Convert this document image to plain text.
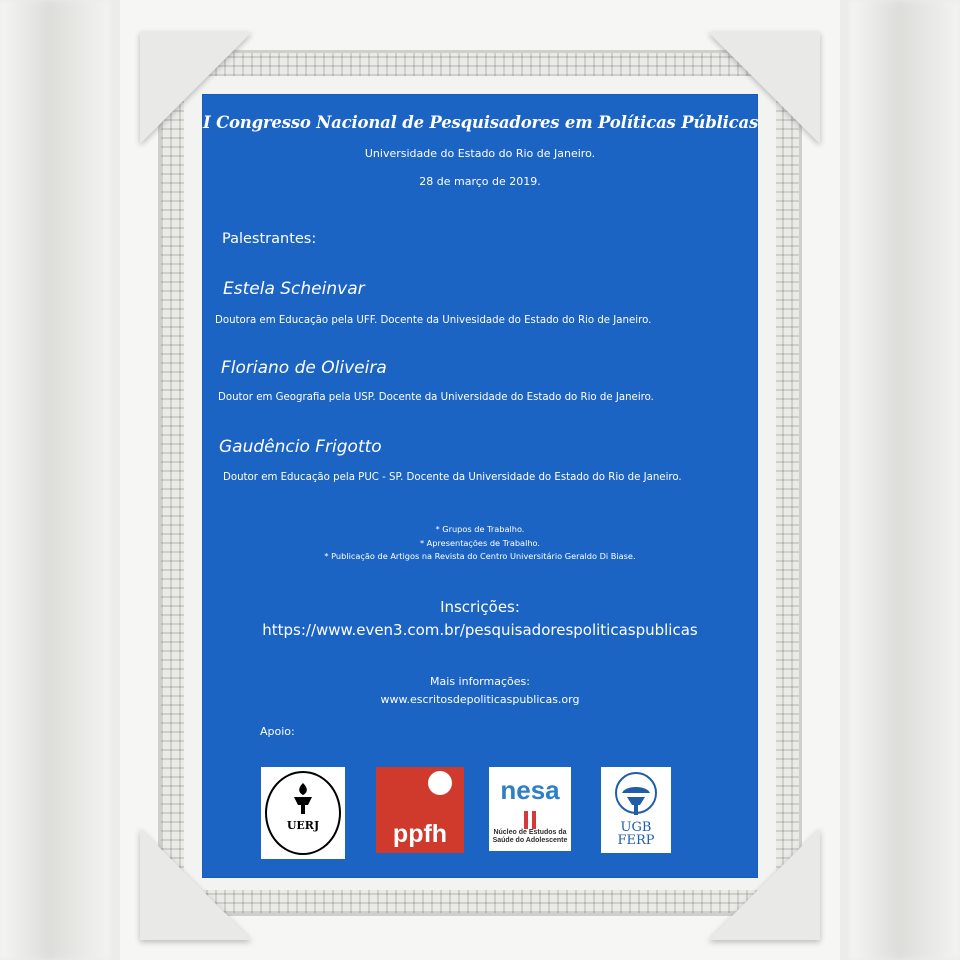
I Congresso Nacional de Pesquisadores em Políticas Públicas
Universidade do Estado do Rio de Janeiro.
28 de março de 2019.
Palestrantes:
Estela Scheinvar
Doutora em Educação pela UFF. Docente da Univesidade do Estado do Rio de Janeiro.
Floriano de Oliveira
Doutor em Geografia pela USP. Docente da Universidade do Estado do Rio de Janeiro.
Gaudêncio Frigotto
Doutor em Educação pela PUC - SP. Docente da Universidade do Estado do Rio de Janeiro.
* Grupos de Trabalho.
* Apresentações de Trabalho.
* Publicação de Artigos na Revista do Centro Universitário Geraldo Di Biase.
Inscrições:
https://www.even3.com.br/pesquisadorespoliticaspublicas
Mais informações:
www.escritosdepoliticaspublicas.org
Apoio:
UERJ	ppfh
nesa
Núcleo de Estudos da Saúde do Adolescente
UGB
FERP
